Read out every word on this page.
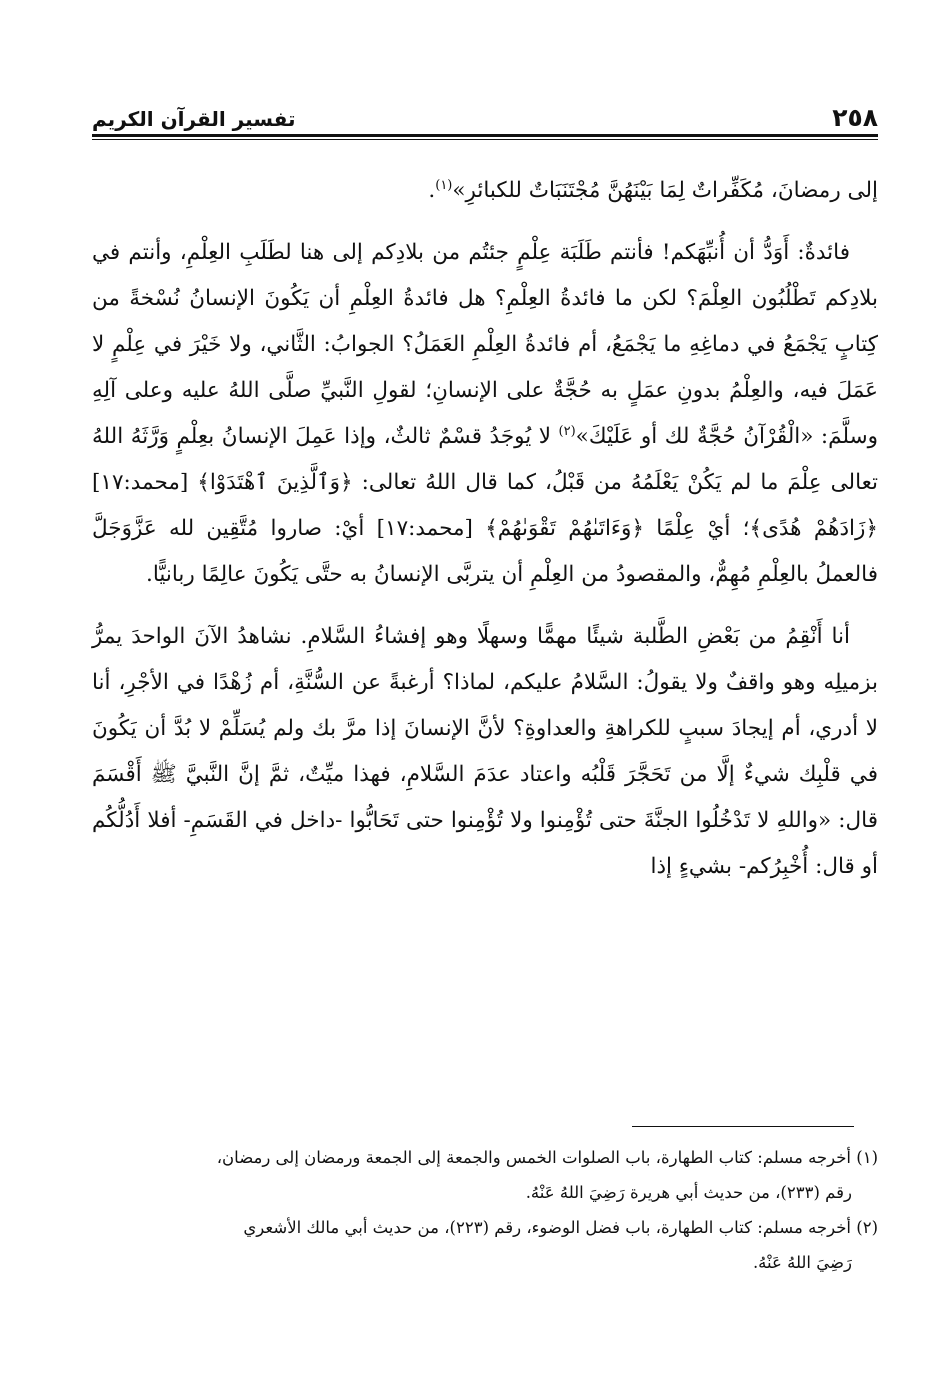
٢٥٨
تفسير القرآن الكريم

إلى رمضانَ، مُكَفِّراتٌ لِمَا بَيْنَهُنَّ مُجْتَنَبَاتٌ للكبائرِ»$^{(١)}$.

فائدةٌ: أَوَدُّ أن أُنبِّهَكم! فأنتم طَلَبَة عِلْمٍ جئتُم من بلادِكم إلى هنا لطَلَبِ العِلْمِ، وأنتم في بلادِكم تَطْلُبُون العِلْمَ؟ لكن ما فائدةُ العِلْمِ؟ هل فائدةُ العِلْمِ أن يَكُونَ الإنسانُ نُسْخةً من كِتابٍ يَجْمَعُ في دماغِهِ ما يَجْمَعُ، أم فائدةُ العِلْمِ العَمَلُ؟ الجوابُ: الثَّاني، ولا خَيْرَ في عِلْمٍ لا عَمَلَ فيه، والعِلْمُ بدونِ عمَلٍ به حُجَّةٌ على الإنسانِ؛ لقولِ النَّبيِّ صلَّى اللهُ عليه وعلى آلِهِ وسلَّمَ: «الْقُرْآنُ حُجَّةٌ لك أو عَلَيْكَ»$^{(٢)}$ لا يُوجَدُ قسْمٌ ثالثٌ، وإذا عَمِلَ الإنسانُ بعِلْمٍ وَرَّثَهُ اللهُ تعالى عِلْمَ ما لم يَكُنْ يَعْلَمُهُ من قَبْلُ، كما قال اللهُ تعالى: ﴿وَٱلَّذِينَ ٱهْتَدَوْا﴾ [محمد:١٧] ﴿زَادَهُمْ هُدًى﴾؛ أيْ عِلْمًا ﴿وَءَاتَىٰهُمْ تَقْوَىٰهُمْ﴾ [محمد:١٧] أيْ: صاروا مُتَّقِين لله عَزَّوَجَلَّ فالعملُ بالعِلْمِ مُهِمٌّ، والمقصودُ من العِلْمِ أن يتربَّى الإنسانُ به حتَّى يَكُونَ عالِمًا ربانيًّا.

أنا أَنْقِمُ من بَعْضِ الطَّلبة شيئًا مهمًّا وسهلًا وهو إفشاءُ السَّلامِ. نشاهدُ الآنَ الواحدَ يمرُّ بزميلِه وهو واقفٌ ولا يقولُ: السَّلامُ عليكم، لماذا؟ أرغبةً عن السُّنَّةِ، أم زُهْدًا في الأجْرِ، أنا لا أدري، أم إيجادَ سببٍ للكراهةِ والعداوةِ؟ لأنَّ الإنسانَ إذا مرَّ بك ولم يُسَلِّمْ لا بُدَّ أن يَكُونَ في قلْبِك شيءٌ إلَّا من تَحَجَّرَ قَلْبُه واعتاد عدَمَ السَّلامِ، فهذا ميِّتٌ، ثمَّ إنَّ النَّبيَّ ﷺ أَقْسَمَ قال: «واللهِ لا تَدْخُلُوا الجنَّةَ حتى تُؤْمِنوا ولا تُؤْمِنوا حتى تَحَابُّوا -داخل في القَسَمِ- أفلا أَدُلُّكُم أو قال: أُخْبِرُكم- بشيءٍ إذا

(١) أخرجه مسلم: كتاب الطهارة، باب الصلوات الخمس والجمعة إلى الجمعة ورمضان إلى رمضان،

رقم (٢٣٣)، من حديث أبي هريرة رَضِيَ اللهُ عَنْهُ.

(٢) أخرجه مسلم: كتاب الطهارة، باب فضل الوضوء، رقم (٢٢٣)، من حديث أبي مالك الأشعري

رَضِيَ اللهُ عَنْهُ.
